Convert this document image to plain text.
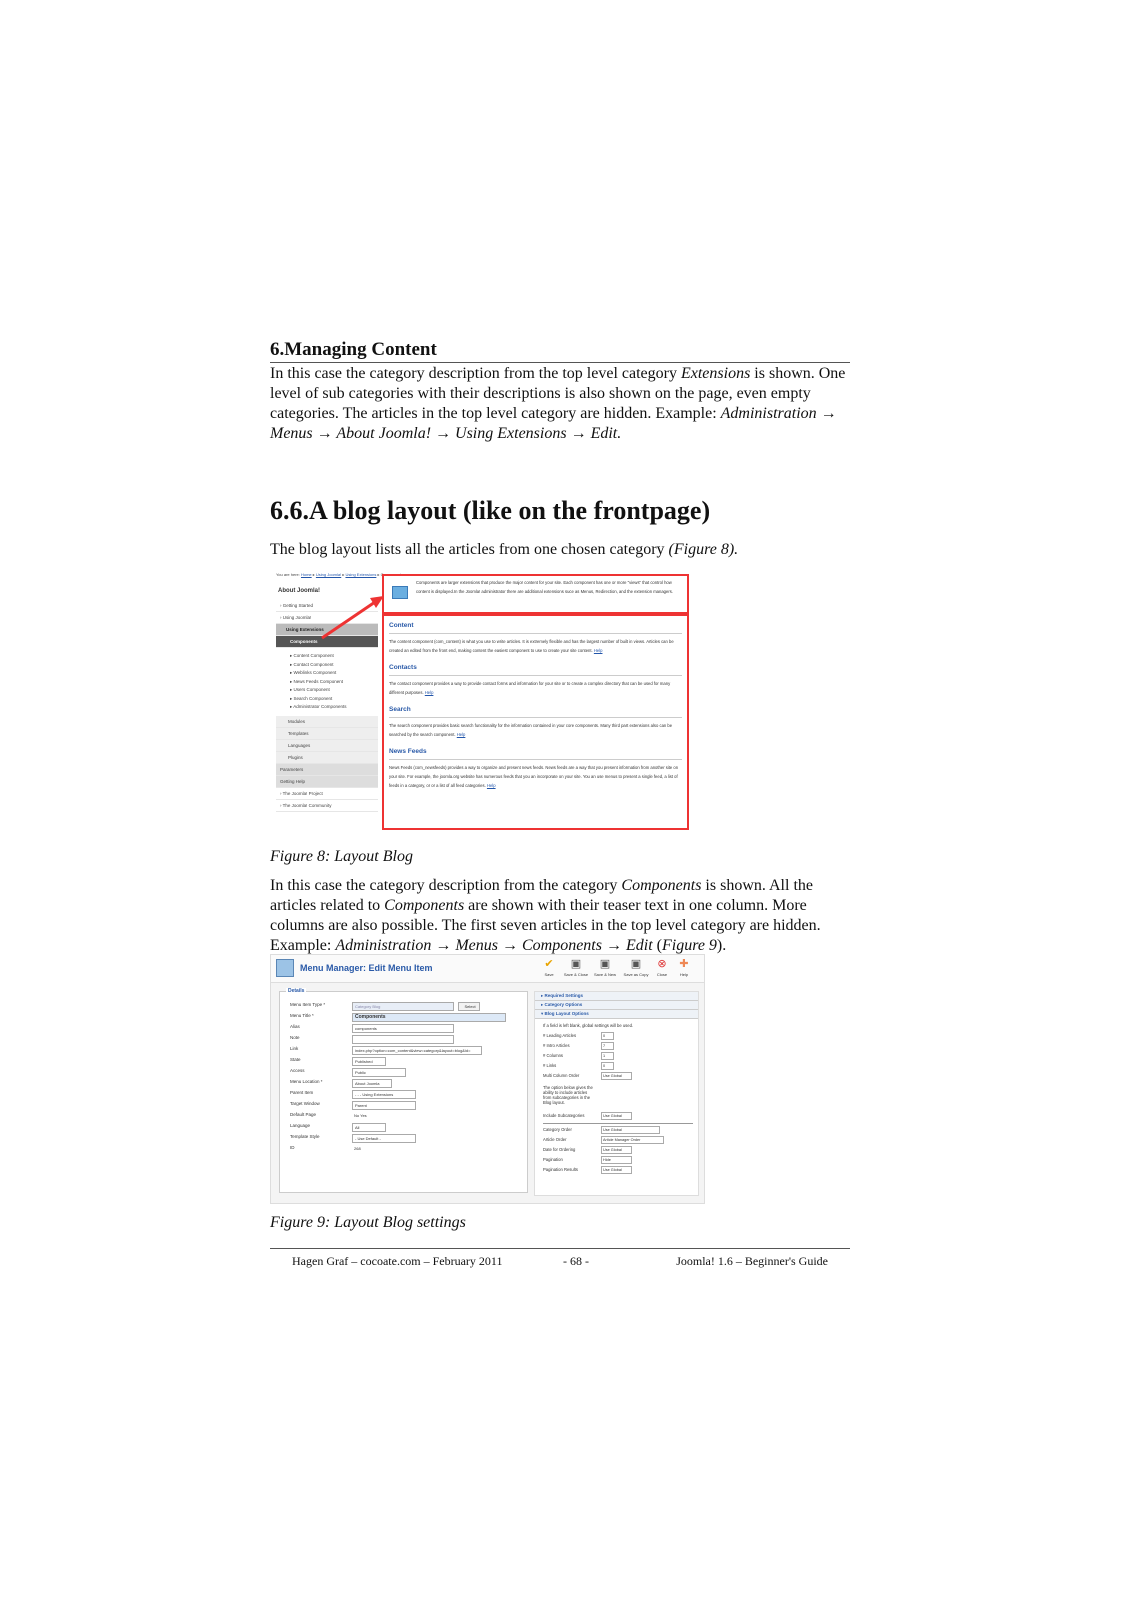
6.Managing Content
In this case the category description from the top level category Extensions is shown. One level of sub categories with their descriptions is also shown on the page, even empty categories. The articles in the top level category are hidden. Example: Administration → Menus → About Joomla! → Using Extensions → Edit.
6.6.A blog layout (like on the frontpage)
The blog layout lists all the articles from one chosen category (Figure 8).
You are here: Home ▸ Using Joomla! ▸ Using Extensions ▸
About Joomla!
› Getting Started
› Using Joomla!
Using Extensions
Components
▸ Content Component
▸ Contact Component
▸ Weblinks Component
▸ News Feeds Component
▸ Users Component
▸ Search Component
▸ Administrator Components
Modules
Templates
Languages
Plugins
Parameters
Getting Help
› The Joomla! Project
› The Joomla! Community
Components are larger extensions that produce the major content for your site. Each component has one or more "views" that control how content is displayed.In the Joomla! administrator there are additional extensions suce as Menus, Redirection, and the extension managers.
Content
The content component (com_content) is what you use to write articles. It is extremely flexible and has the largest number of built in views. Articles can be created an edited from the front end, making content the easiest component to use to create your site content. Help
Contacts
The contact component provides a way to provide contact forms and information for your site or to create a complex directory that can be used for many different purposes. Help
Search
The search component provides basic search functionality for the information contained in your core components. Many third part extensions also can be searched by the search component. Help
News Feeds
News Feeds (com_newsfeeds) provides a way to organize and present news feeds. News feeds are a way that you present information from another site on your site. For example, the joomla.org website has numerous feeds that you an incorporate on your site. You an use menus to present a single feed, a list of feeds in a category, or or a list of all feed categories. Help
Figure 8: Layout Blog
In this case the category description from the category Components is shown. All the articles related to Components are shown with their teaser text in one column. More columns are also possible. The first seven articles in the top level category are hidden. Example: Administration → Menus → Components → Edit (Figure 9).
Menu Manager: Edit Menu Item	✔
Save
▣
Save & Close
▣
Save & New
▣
Save as Copy
⊗
Close
✚
Help
Details
Menu Item Type *	Category Blog	Select
Menu Title *	Components
Alias	components
Note
Link	index.php?option=com_content&view=category&layout=blog&id=
State	Published
Access	Public
Menu Location *	About Joomla
Parent Item	- - - Using Extensions
Target Window	Parent
Default Page	No Yes
Language	All
Template Style	- Use Default -
ID	268
▸ Required Settings
▸ Category Options
▾ Blog Layout Options
If a field is left blank, global settings will be used.
# Leading Articles	0
# Intro Articles	7
# Columns	1
# Links	0
Multi Column Order	Use Global
The option below gives the ability to include articles from subcategories in the Blog layout.
Include Subcategories	Use Global
Category Order	Use Global
Article Order	Article Manager Order
Date for Ordering	Use Global
Pagination	Hide
Pagination Results	Use Global
Figure 9: Layout Blog settings
Hagen Graf – cocoate.com – February 2011	- 68 -	Joomla! 1.6 – Beginner's Guide
